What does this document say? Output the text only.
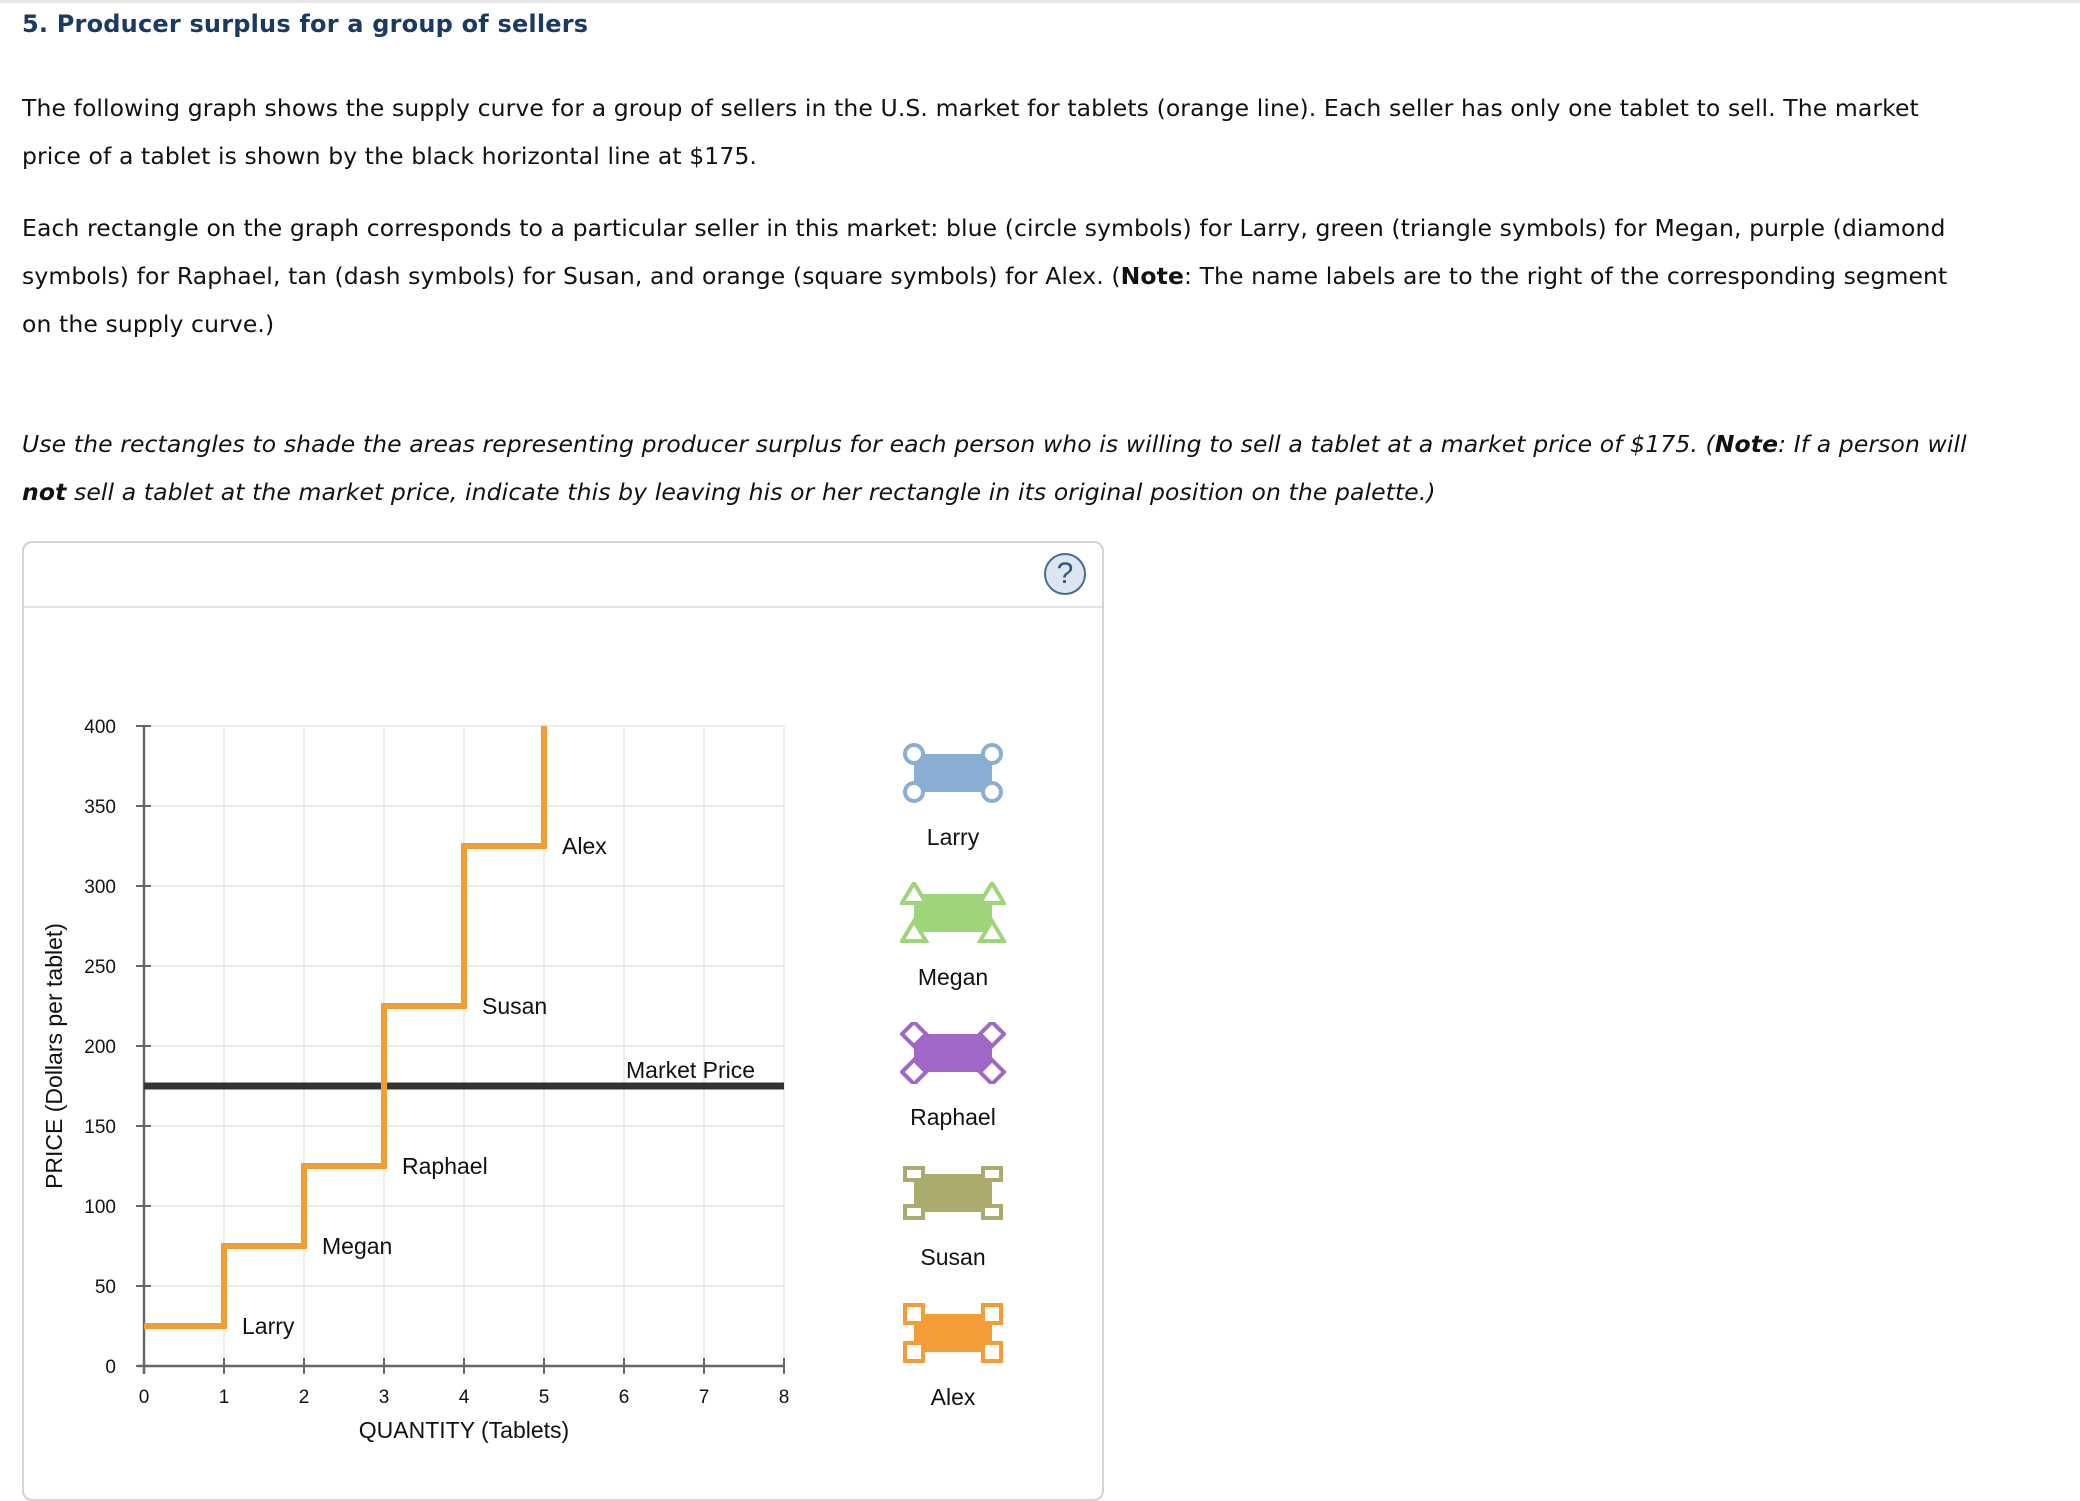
5. Producer surplus for a group of sellers
The following graph shows the supply curve for a group of sellers in the U.S. market for tablets (orange line). Each seller has only one tablet to sell. The market price of a tablet is shown by the black horizontal line at $175.
Each rectangle on the graph corresponds to a particular seller in this market: blue (circle symbols) for Larry, green (triangle symbols) for Megan, purple (diamond symbols) for Raphael, tan (dash symbols) for Susan, and orange (square symbols) for Alex. (Note: The name labels are to the right of the corresponding segment on the supply curve.)
Use the rectangles to shade the areas representing producer surplus for each person who is willing to sell a tablet at a market price of $175. (Note: If a person will not sell a tablet at the market price, indicate this by leaving his or her rectangle in its original position on the palette.)
?
0
50
100
150
200
250
300
350
400
0	1	2	3	4	5	6	7	8
QUANTITY (Tablets)
PRICE (Dollars per tablet)
Larry
Megan
Raphael
Susan
Alex
Market Price
Larry
Megan
Raphael
Susan
Alex
